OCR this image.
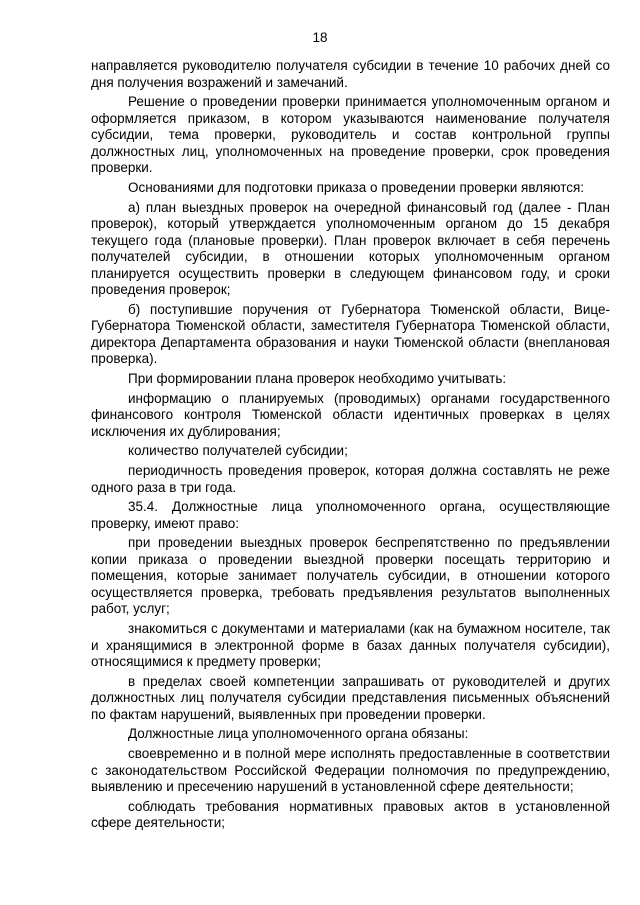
18

направляется руководителю получателя субсидии в течение 10 рабочих дней со дня получения возражений и замечаний.

Решение о проведении проверки принимается уполномоченным органом и оформляется приказом, в котором указываются наименование получателя субсидии, тема проверки, руководитель и состав контрольной группы должностных лиц, уполномоченных на проведение проверки, срок проведения проверки.

Основаниями для подготовки приказа о проведении проверки являются:

а) план выездных проверок на очередной финансовый год (далее - План проверок), который утверждается уполномоченным органом до 15 декабря текущего года (плановые проверки). План проверок включает в себя перечень получателей субсидии, в отношении которых уполномоченным органом планируется осуществить проверки в следующем финансовом году, и сроки проведения проверок;

б) поступившие поручения от Губернатора Тюменской области, Вице-Губернатора Тюменской области, заместителя Губернатора Тюменской области, директора Департамента образования и науки Тюменской области (внеплановая проверка).

При формировании плана проверок необходимо учитывать:

информацию о планируемых (проводимых) органами государственного финансового контроля Тюменской области идентичных проверках в целях исключения их дублирования;

количество получателей субсидии;

периодичность проведения проверок, которая должна составлять не реже одного раза в три года.

35.4. Должностные лица уполномоченного органа, осуществляющие проверку, имеют право:

при проведении выездных проверок беспрепятственно по предъявлении копии приказа о проведении выездной проверки посещать территорию и помещения, которые занимает получатель субсидии, в отношении которого осуществляется проверка, требовать предъявления результатов выполненных работ, услуг;

знакомиться с документами и материалами (как на бумажном носителе, так и хранящимися в электронной форме в базах данных получателя субсидии), относящимися к предмету проверки;

в пределах своей компетенции запрашивать от руководителей и других должностных лиц получателя субсидии представления письменных объяснений по фактам нарушений, выявленных при проведении проверки.

Должностные лица уполномоченного органа обязаны:

своевременно и в полной мере исполнять предоставленные в соответствии с законодательством Российской Федерации полномочия по предупреждению, выявлению и пресечению нарушений в установленной сфере деятельности;

соблюдать требования нормативных правовых актов в установленной сфере деятельности;
